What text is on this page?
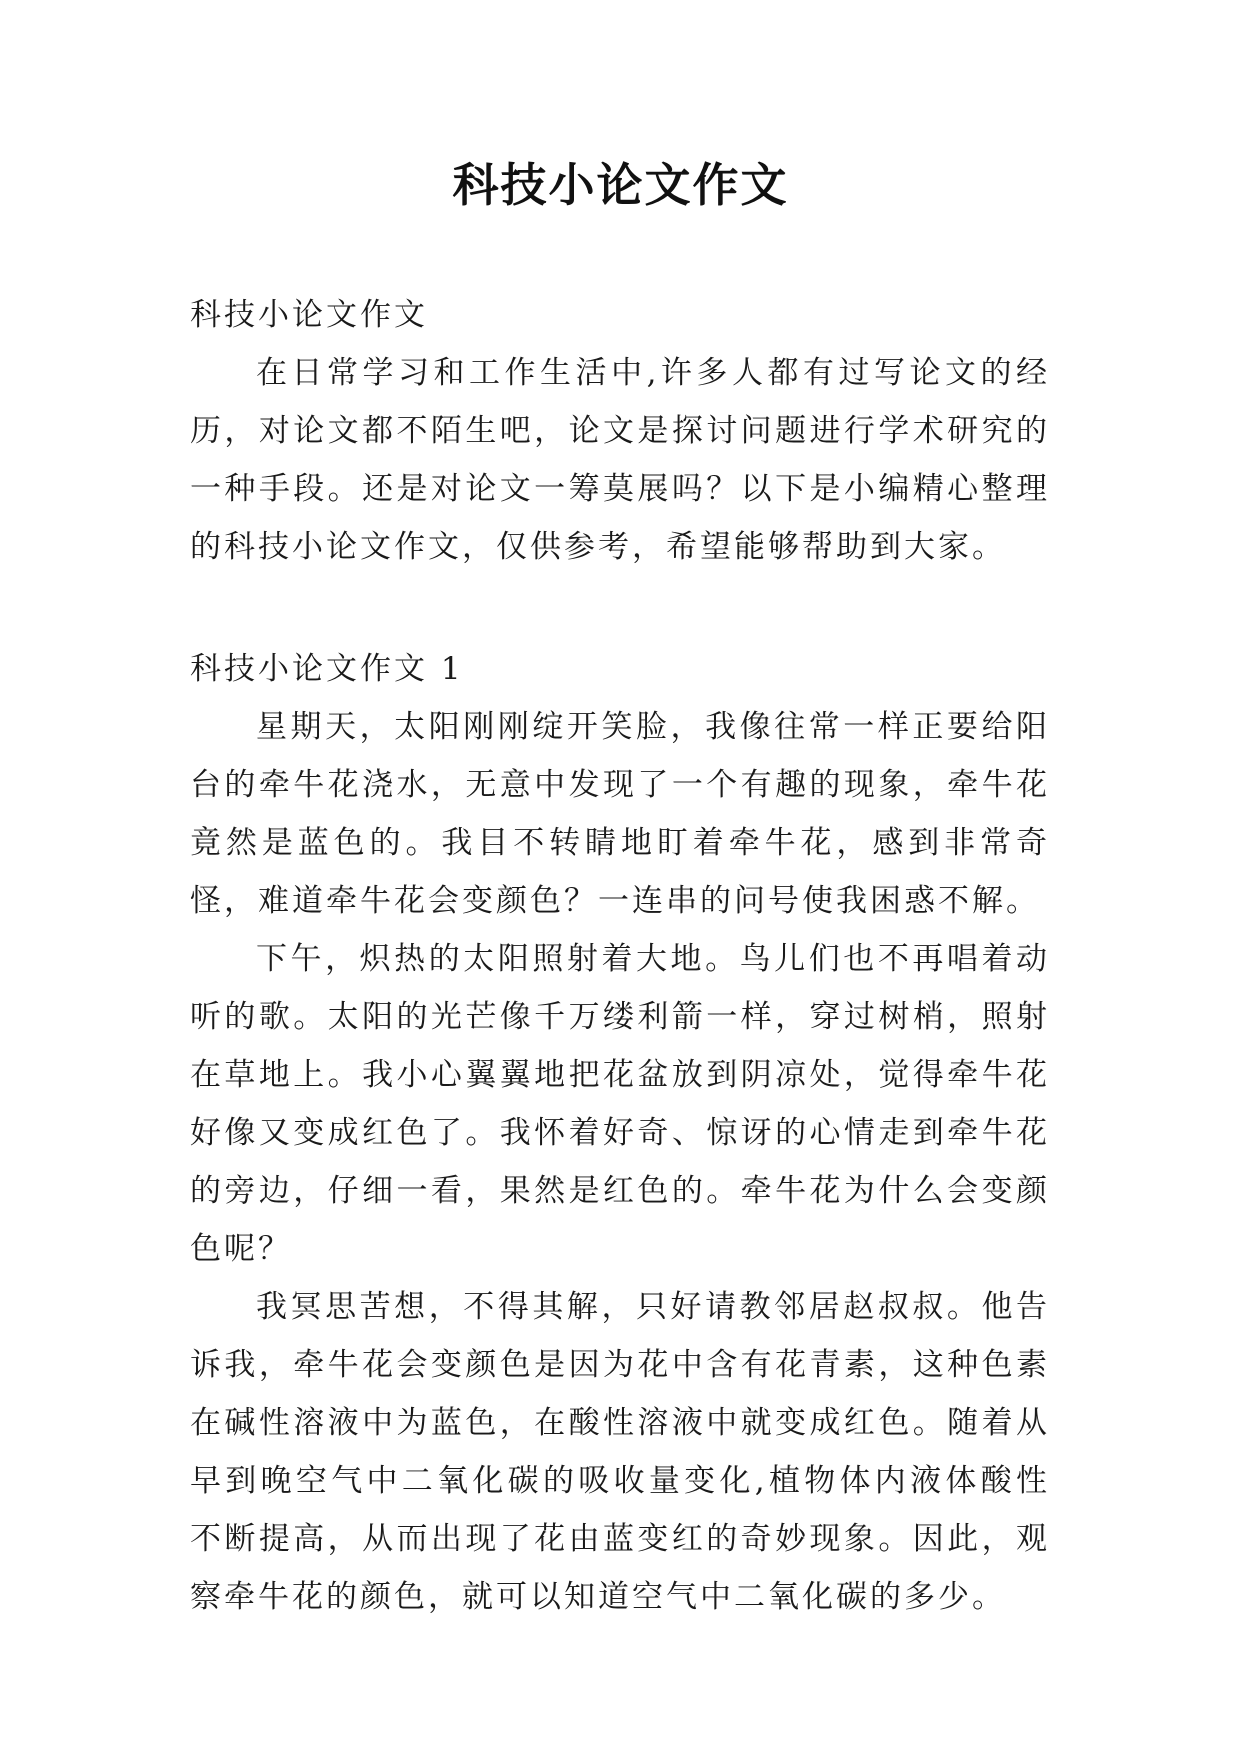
科技小论文作文

科技小论文作文

在日常学习和工作生活中,许多人都有过写论文的经历，对论文都不陌生吧，论文是探讨问题进行学术研究的一种手段。还是对论文一筹莫展吗？以下是小编精心整理的科技小论文作文，仅供参考，希望能够帮助到大家。

科技小论文作文 1

星期天，太阳刚刚绽开笑脸，我像往常一样正要给阳台的牵牛花浇水，无意中发现了一个有趣的现象，牵牛花竟然是蓝色的。我目不转睛地盯着牵牛花，感到非常奇怪，难道牵牛花会变颜色？一连串的问号使我困惑不解。

下午，炽热的太阳照射着大地。鸟儿们也不再唱着动听的歌。太阳的光芒像千万缕利箭一样，穿过树梢，照射在草地上。我小心翼翼地把花盆放到阴凉处，觉得牵牛花好像又变成红色了。我怀着好奇、惊讶的心情走到牵牛花的旁边，仔细一看，果然是红色的。牵牛花为什么会变颜色呢？

我冥思苦想，不得其解，只好请教邻居赵叔叔。他告诉我，牵牛花会变颜色是因为花中含有花青素，这种色素在碱性溶液中为蓝色，在酸性溶液中就变成红色。随着从早到晚空气中二氧化碳的吸收量变化,植物体内液体酸性不断提高，从而出现了花由蓝变红的奇妙现象。因此，观察牵牛花的颜色，就可以知道空气中二氧化碳的多少。
